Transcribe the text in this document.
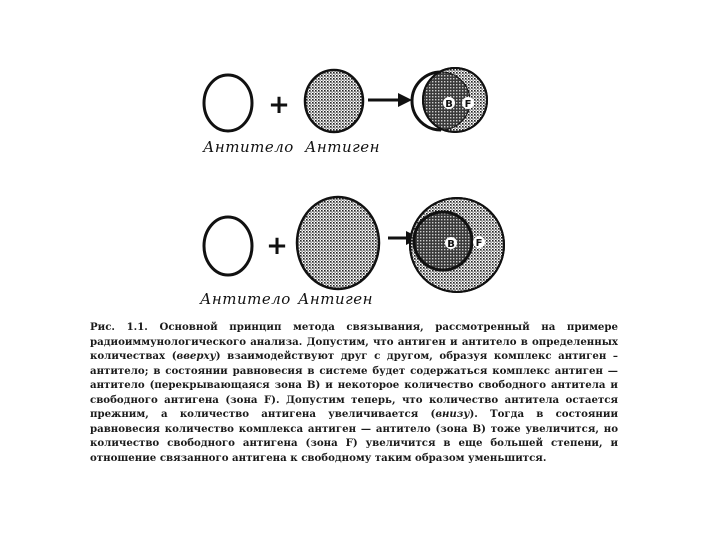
+	B F
+	B F
Антитело Антиген
Антитело Антиген
Рис. 1.1. Основной принцип метода связывания, рассмотренный на примере радиоиммунологического анализа. Допустим, что антиген и антитело в определенных количествах (вверху) взаимодействуют друг с другом, образуя комплекс антиген – антитело; в состоянии равновесия в системе будет содержаться комплекс антиген — антитело (перекрывающаяся зона В) и некоторое количество свободного антитела и свободного антигена (зона F). Допустим теперь, что количество антитела остается прежним, а количество антигена увеличивается (внизу). Тогда в состоянии равновесия количество комплекса антиген — антитело (зона В) тоже увеличится, но количество свободного антигена (зона F) увеличится в еще большей степени, и отношение связанного антигена к свободному таким образом уменьшится.
